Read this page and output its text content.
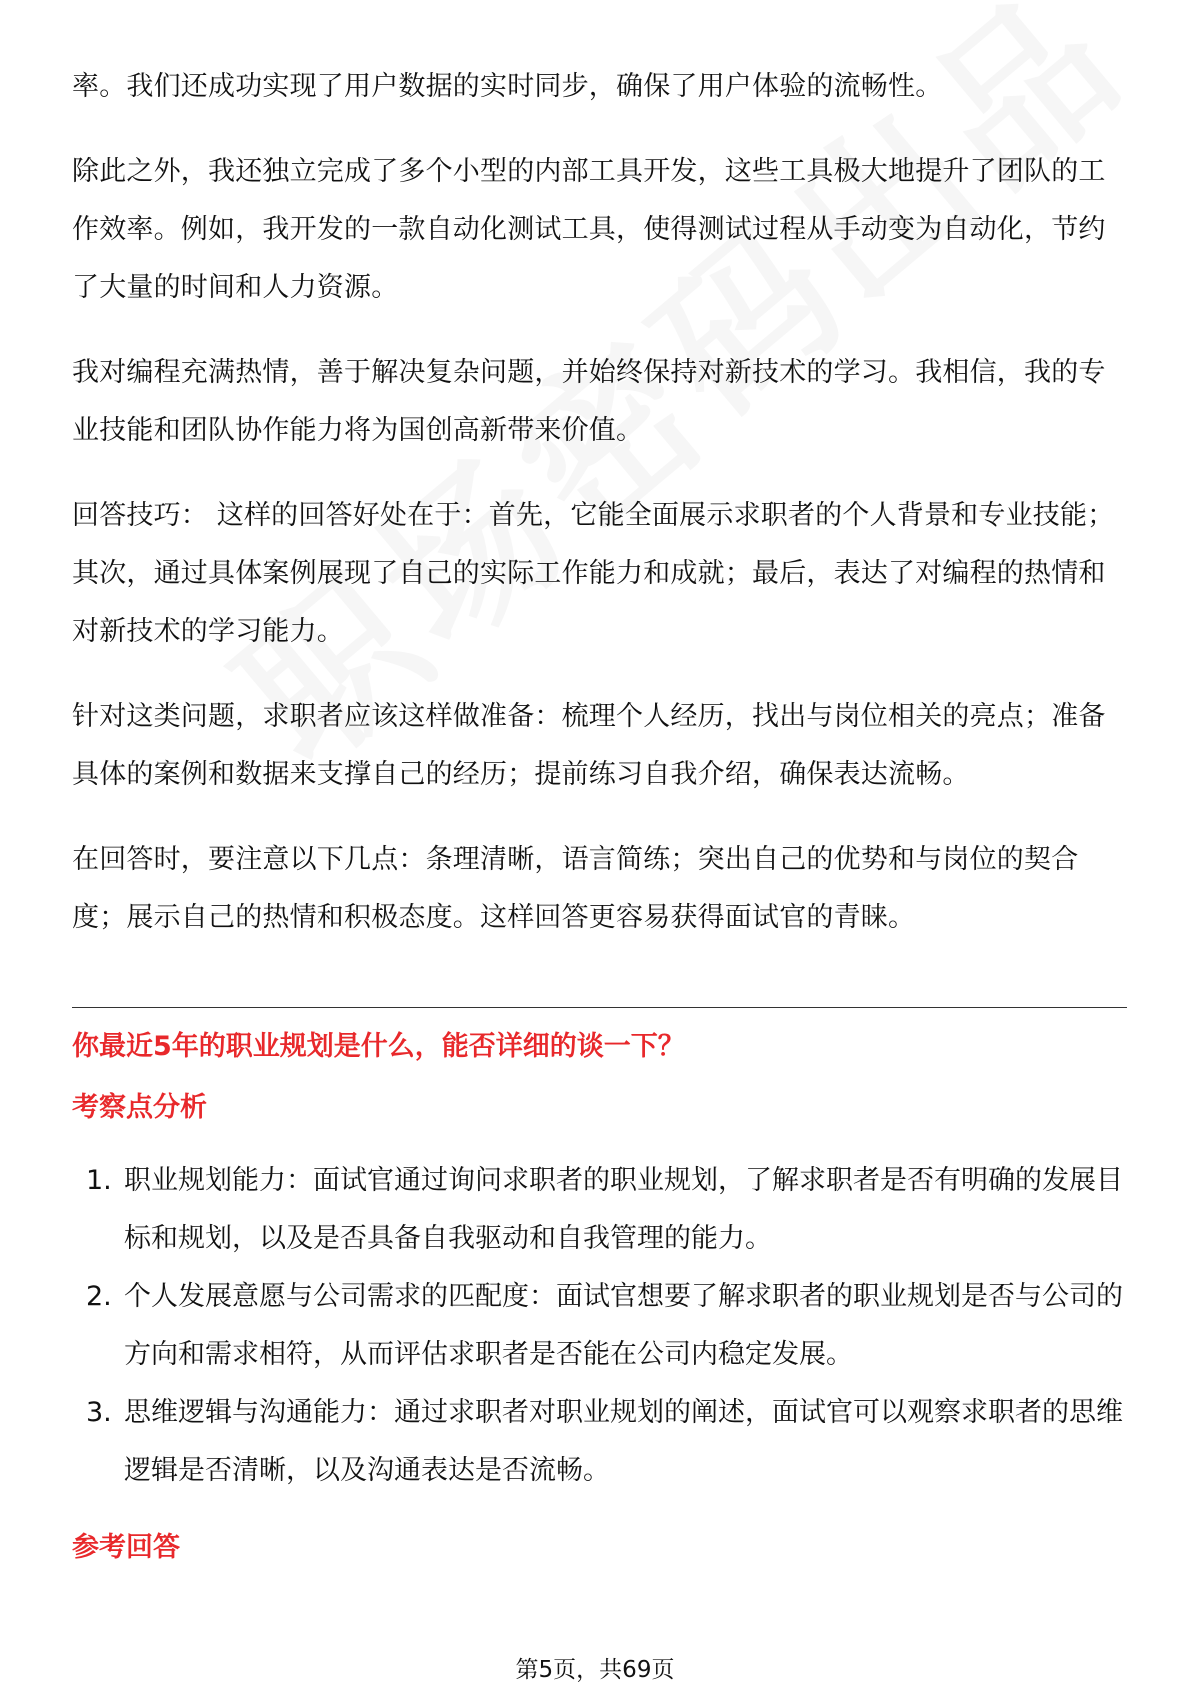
率。我们还成功实现了用户数据的实时同步，确保了用户体验的流畅性。

除此之外，我还独立完成了多个小型的内部工具开发，这些工具极大地提升了团队的工作效率。例如，我开发的一款自动化测试工具，使得测试过程从手动变为自动化，节约了大量的时间和人力资源。

我对编程充满热情，善于解决复杂问题，并始终保持对新技术的学习。我相信，我的专业技能和团队协作能力将为国创高新带来价值。

回答技巧： 这样的回答好处在于：首先，它能全面展示求职者的个人背景和专业技能；其次，通过具体案例展现了自己的实际工作能力和成就；最后，表达了对编程的热情和对新技术的学习能力。

针对这类问题，求职者应该这样做准备：梳理个人经历，找出与岗位相关的亮点；准备具体的案例和数据来支撑自己的经历；提前练习自我介绍，确保表达流畅。

在回答时，要注意以下几点：条理清晰，语言简练；突出自己的优势和与岗位的契合度；展示自己的热情和积极态度。这样回答更容易获得面试官的青睐。

你最近5年的职业规划是什么，能否详细的谈一下？
考察点分析
1. 职业规划能力：面试官通过询问求职者的职业规划，了解求职者是否有明确的发展目标和规划，以及是否具备自我驱动和自我管理的能力。
2. 个人发展意愿与公司需求的匹配度：面试官想要了解求职者的职业规划是否与公司的方向和需求相符，从而评估求职者是否能在公司内稳定发展。
3. 思维逻辑与沟通能力：通过求职者对职业规划的阐述，面试官可以观察求职者的思维逻辑是否清晰，以及沟通表达是否流畅。
参考回答
第5页，共69页
